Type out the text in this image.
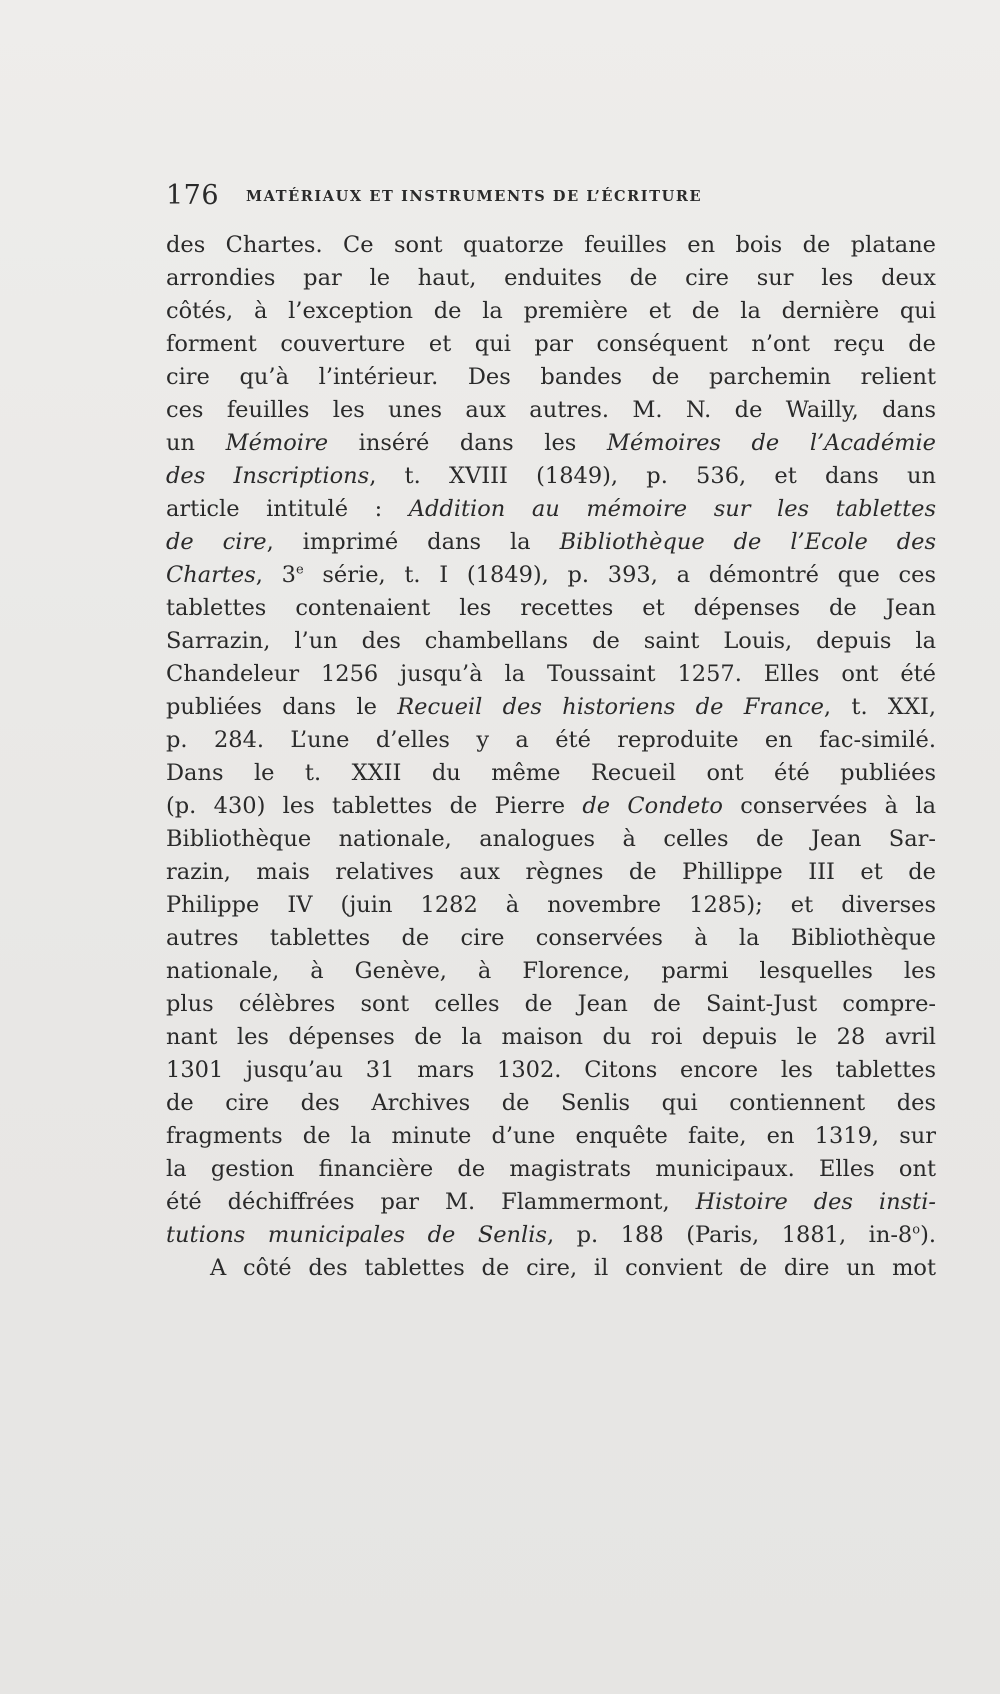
176 MATÉRIAUX ET INSTRUMENTS DE L’ÉCRITURE
des Chartes. Ce sont quatorze feuilles en bois de platane
arrondies par le haut, enduites de cire sur les deux
côtés, à l’exception de la première et de la dernière qui
forment couverture et qui par conséquent n’ont reçu de
cire qu’à l’intérieur. Des bandes de parchemin relient
ces feuilles les unes aux autres. M. N. de Wailly, dans
un Mémoire inséré dans les Mémoires de l’Académie
des Inscriptions, t. XVIII (1849), p. 536, et dans un
article intitulé : Addition au mémoire sur les tablettes
de cire, imprimé dans la Bibliothèque de l’Ecole des
Chartes, 3e série, t. I (1849), p. 393, a démontré que ces
tablettes contenaient les recettes et dépenses de Jean
Sarrazin, l’un des chambellans de saint Louis, depuis la
Chandeleur 1256 jusqu’à la Toussaint 1257. Elles ont été
publiées dans le Recueil des historiens de France, t. XXI,
p. 284. L’une d’elles y a été reproduite en fac-similé.
Dans le t. XXII du même Recueil ont été publiées
(p. 430) les tablettes de Pierre de Condeto conservées à la
Bibliothèque nationale, analogues à celles de Jean Sar-
razin, mais relatives aux règnes de Phillippe III et de
Philippe IV (juin 1282 à novembre 1285); et diverses
autres tablettes de cire conservées à la Bibliothèque
nationale, à Genève, à Florence, parmi lesquelles les
plus célèbres sont celles de Jean de Saint-Just compre-
nant les dépenses de la maison du roi depuis le 28 avril
1301 jusqu’au 31 mars 1302. Citons encore les tablettes
de cire des Archives de Senlis qui contiennent des
fragments de la minute d’une enquête faite, en 1319, sur
la gestion financière de magistrats municipaux. Elles ont
été déchiffrées par M. Flammermont, Histoire des insti-
tutions municipales de Senlis, p. 188 (Paris, 1881, in-8$^o$).
A côté des tablettes de cire, il convient de dire un mot
